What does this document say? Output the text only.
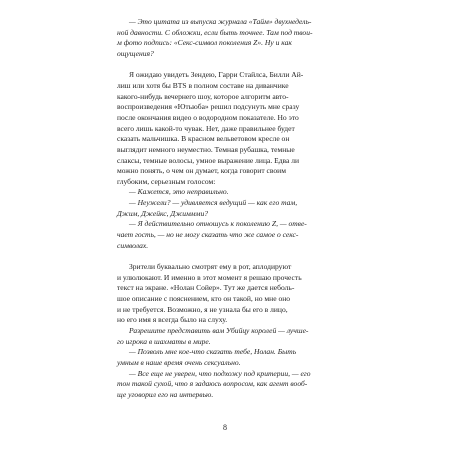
— Это цитата из выпуска журнала «Тайм» двухнедель-
ной давности. С обложки, если быть точнее. Там под твои-
м фото подпись: «Секс-символ поколения Z». Ну и как
ощущения?

Я ожидаю увидеть Зендею, Гарри Стайлса, Билли Ай-
лиш или хотя бы BTS в полном составе на диванчике
какого-нибудь вечернего шоу, которое алгоритм авто-
воспроизведения «Ютьюба» решил подсунуть мне сразу
после окончания видео о водородном показателе. Но это
всего лишь какой-то чувак. Нет, даже правильнее будет
сказать мальчишка. В красном вельветовом кресле он
выглядит немного неуместно. Темная рубашка, темные
слаксы, темные волосы, умное выражение лица. Едва ли
можно понять, о чем он думает, когда говорит своим
глубоким, серьезным голосом:

— Кажется, это неправильно.

— Неужели? — удивляется ведущий — как его там,
Джим, Джейкс, Джиммми?

— Я действительно отношусь к поколению Z, — отве-
чает гость, — но не могу сказать что же самое о секс-
символах.

Зрители буквально смотрят ему в рот, аплодируют
и улюлюкают. И именно в этот момент я решаю прочесть
текст на экране. «Нолан Сойер». Тут же дается неболь-
шое описание с пояснением, кто он такой, но мне оно
и не требуется. Возможно, я не узнала бы его в лицо,
но его имя я всегда было на слуху.

Разрешите представить вам Убийцу королей — лучше-
го игрока в шахматы в мире.

— Позволь мне кое-что сказать тебе, Нолан. Быть
умным в наше время очень сексуально.

— Все еще не уверен, что подхожу под критерии, — его
тон такой сухой, что я задаюсь вопросом, как агент вооб-
ще уговорил его на интервью.

8
